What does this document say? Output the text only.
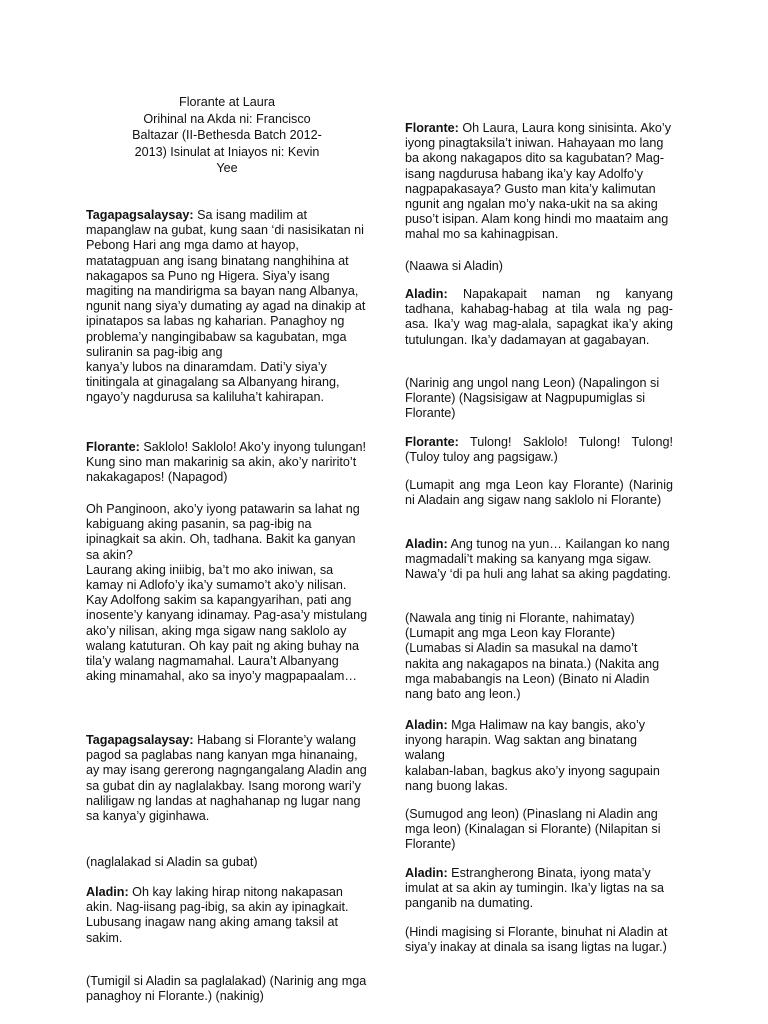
Florante at Laura
Orihinal na Akda ni: Francisco
Baltazar (II-Bethesda Batch 2012-
2013) Isinulat at Iniayos ni: Kevin
Yee

Tagapagsalaysay: Sa isang madilim at mapanglaw na gubat, kung saan ‘di nasisikatan ni Pebong Hari ang mga damo at hayop, matatagpuan ang isang binatang nanghihina at nakagapos sa Puno ng Higera. Siya’y isang magiting na mandirigma sa bayan nang Albanya, ngunit nang siya’y dumating ay agad na dinakip at ipinatapos sa labas ng kaharian. Panaghoy ng problema’y nangingibabaw sa kagubatan, mga suliranin sa pag-ibig ang
kanya’y lubos na dinaramdam. Dati’y siya’y tinitingala at ginagalang sa Albanyang hirang, ngayo’y nagdurusa sa kaliluha’t kahirapan.

Florante: Saklolo! Saklolo! Ako’y inyong tulungan! Kung sino man makarinig sa akin, ako’y naririto’t nakakagapos! (Napagod)

Oh Panginoon, ako’y iyong patawarin sa lahat ng kabiguang aking pasanin, sa pag-ibig na ipinagkait sa akin. Oh, tadhana. Bakit ka ganyan sa akin?
Laurang aking iniibig, ba’t mo ako iniwan, sa kamay ni Adlofo’y ika’y sumamo’t ako’y nilisan.
Kay Adolfong sakim sa kapangyarihan, pati ang
inosente’y kanyang idinamay. Pag-asa’y mistulang ako’y nilisan, aking mga sigaw nang saklolo ay walang katuturan. Oh kay pait ng aking buhay na tila’y walang nagmamahal. Laura’t Albanyang aking minamahal, ako sa inyo’y magpapaalam…

Tagapagsalaysay: Habang si Florante’y walang pagod sa paglabas nang kanyan mga hinanaing, ay may isang gererong nagngangalang Aladin ang sa gubat din ay naglalakbay. Isang morong wari’y naliligaw ng landas at naghahanap ng lugar nang sa kanya’y giginhawa.

(naglalakad si Aladin sa gubat)

Aladin: Oh kay laking hirap nitong nakapasan akin. Nag-iisang pag-ibig, sa akin ay ipinagkait.
Lubusang inagaw nang aking amang taksil at sakim.

(Tumigil si Aladin sa paglalakad) (Narinig ang mga panaghoy ni Florante.) (nakinig)

Florante: Oh Laura, Laura kong sinisinta. Ako’y iyong pinagtaksila’t iniwan. Hahayaan mo lang ba akong nakagapos dito sa kagubatan? Mag-isang nagdurusa habang ika’y kay Adolfo’y nagpapakasaya? Gusto man kita’y kalimutan ngunit ang ngalan mo’y naka-ukit na sa aking puso’t isipan. Alam kong hindi mo maataim ang mahal mo sa kahinagpisan.

(Naawa si Aladin)

Aladin: Napakapait naman ng kanyang tadhana, kahabag-habag at tila wala ng pag-asa. Ika’y wag mag-alala, sapagkat ika’y aking tutulungan. Ika’y dadamayan at gagabayan.

(Narinig ang ungol nang Leon) (Napalingon si Florante) (Nagsisigaw at Nagpupumiglas si Florante)

Florante: Tulong! Saklolo! Tulong! Tulong! (Tuloy tuloy ang pagsigaw.)

(Lumapit ang mga Leon kay Florante) (Narinig ni Aladain ang sigaw nang saklolo ni Florante)

Aladin: Ang tunog na yun… Kailangan ko nang magmadali’t making sa kanyang mga sigaw.
Nawa’y ‘di pa huli ang lahat sa aking pagdating.

(Nawala ang tinig ni Florante, nahimatay) (Lumapit ang mga Leon kay Florante) (Lumabas si Aladin sa masukal na damo’t nakita ang nakagapos na binata.) (Nakita ang mga mababangis na Leon) (Binato ni Aladin nang bato ang leon.)

Aladin: Mga Halimaw na kay bangis, ako’y inyong harapin. Wag saktan ang binatang walang
kalaban-laban, bagkus ako’y inyong sagupain nang buong lakas.

(Sumugod ang leon) (Pinaslang ni Aladin ang mga leon) (Kinalagan si Florante) (Nilapitan si Florante)

Aladin: Estrangherong Binata, iyong mata’y imulat at sa akin ay tumingin. Ika’y ligtas na sa panganib na dumating.

(Hindi magising si Florante, binuhat ni Aladin at siya’y inakay at dinala sa isang ligtas na lugar.)
